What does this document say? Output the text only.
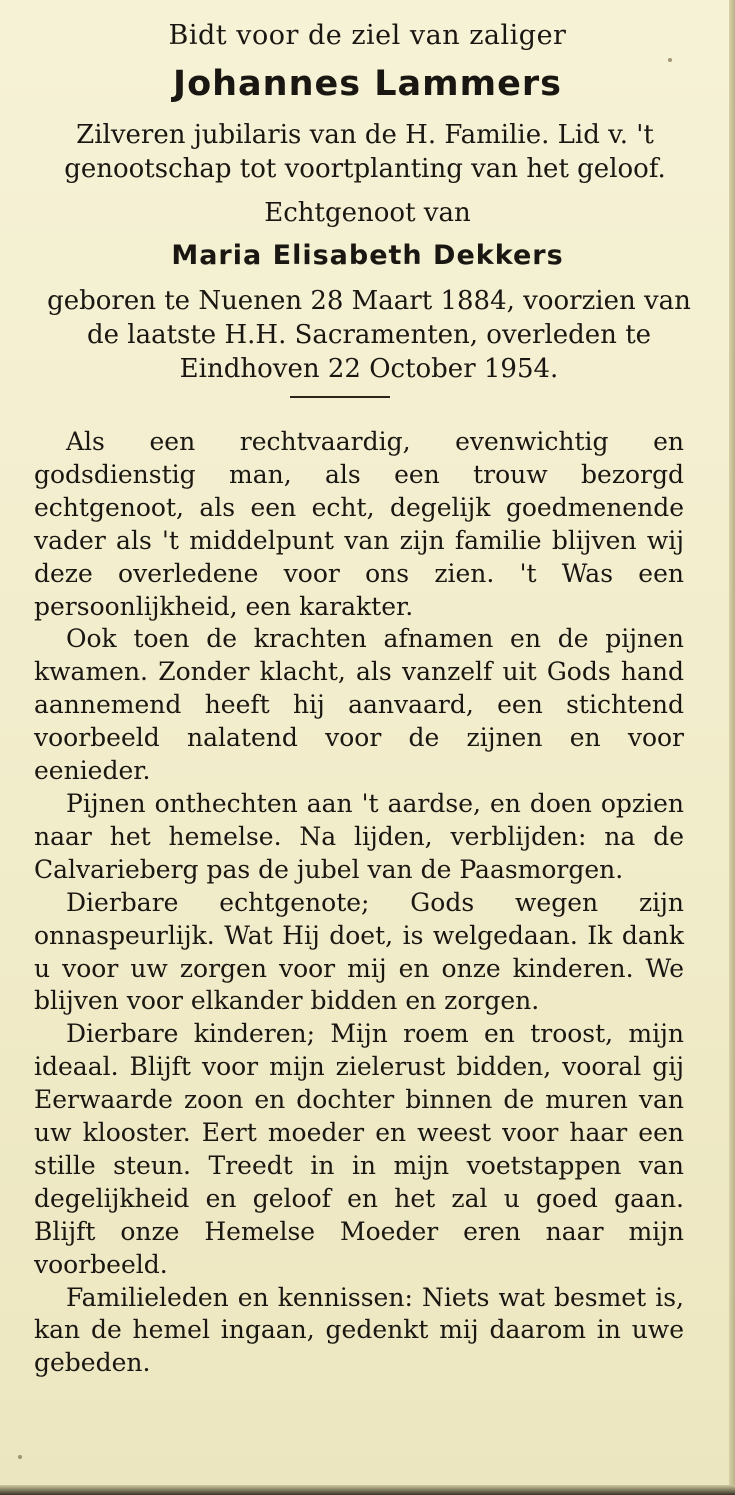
Bidt voor de ziel van zaliger
Johannes Lammers
Zilveren jubilaris van de H. Familie. Lid v. 't genootschap tot voortplanting van het geloof.
Echtgenoot van
Maria Elisabeth Dekkers
geboren te Nuenen 28 Maart 1884, voorzien van de laatste H.H. Sacramenten, overleden te Eindhoven 22 October 1954.

Als een rechtvaardig, evenwichtig en godsdienstig man, als een trouw bezorgd echtgenoot, als een echt, degelijk goedmenende vader als 't middelpunt van zijn familie blijven wij deze overledene voor ons zien. 't Was een persoonlijkheid, een karakter.

Ook toen de krachten afnamen en de pijnen kwamen. Zonder klacht, als vanzelf uit Gods hand aannemend heeft hij aanvaard, een stichtend voorbeeld nalatend voor de zijnen en voor eenieder.

Pijnen onthechten aan 't aardse, en doen opzien naar het hemelse. Na lijden, verblijden: na de Calvarieberg pas de jubel van de Paasmorgen.

Dierbare echtgenote; Gods wegen zijn onnaspeurlijk. Wat Hij doet, is welgedaan. Ik dank u voor uw zorgen voor mij en onze kinderen. We blijven voor elkander bidden en zorgen.

Dierbare kinderen; Mijn roem en troost, mijn ideaal. Blijft voor mijn zielerust bidden, vooral gij Eerwaarde zoon en dochter binnen de muren van uw klooster. Eert moeder en weest voor haar een stille steun. Treedt in in mijn voetstappen van degelijkheid en geloof en het zal u goed gaan. Blijft onze Hemelse Moeder eren naar mijn voorbeeld.

Familieleden en kennissen: Niets wat besmet is, kan de hemel ingaan, gedenkt mij daarom in uwe gebeden.
